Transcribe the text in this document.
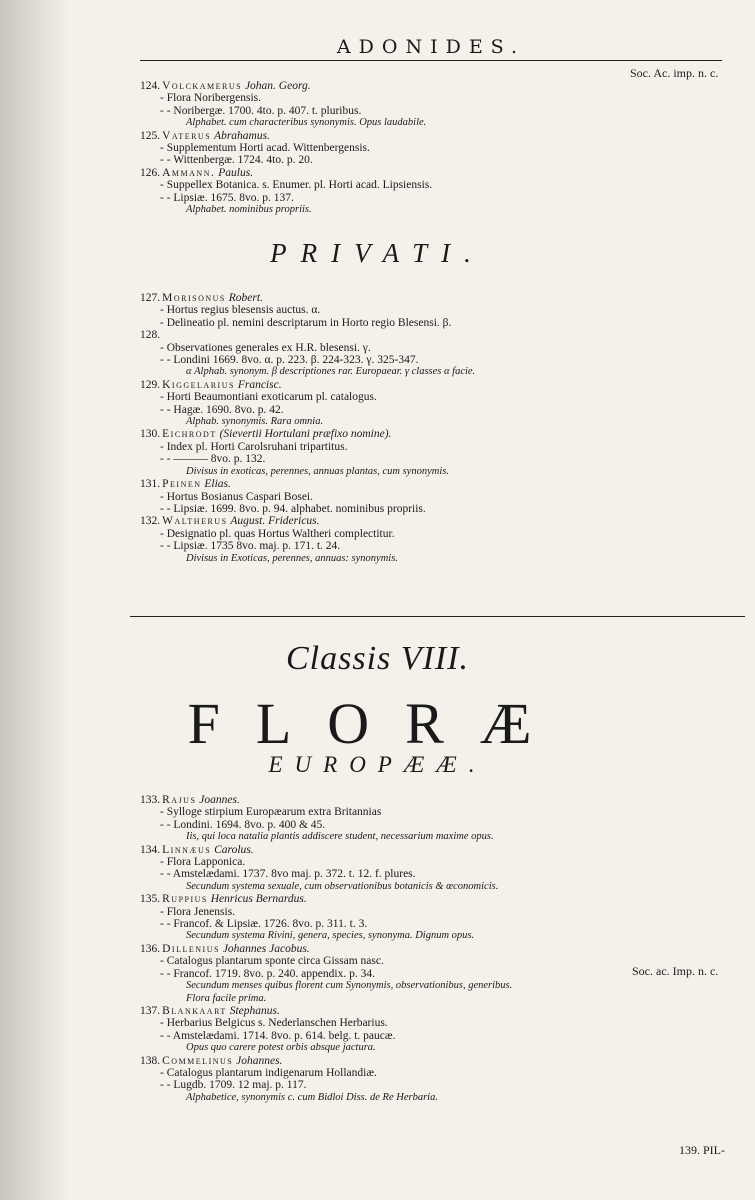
ADONIDES.
Soc. Ac. imp. n. c.
124. Volckamerus Johan. Georg.
- Flora Noribergensis.
- - Noribergæ. 1700. 4to. p. 407. t. pluribus.
Alphabet. cum characteribus synonymis. Opus laudabile.
125. Vaterus Abrahamus.
- Supplementum Horti acad. Wittenbergensis.
- - Wittenbergæ. 1724. 4to. p. 20.
126. Ammann. Paulus.
- Suppellex Botanica. s. Enumer. pl. Horti acad. Lipsiensis.
- - Lipsiæ. 1675. 8vo. p. 137.
Alphabet. nominibus propriis.
PRIVATI.
127. Morisonus Robert.
- Hortus regius blesensis auctus. α.
- Delineatio pl. nemini descriptarum in Horto regio Blesensi. β.
128.
- Observationes generales ex H.R. blesensi. γ.
- - Londini 1669. 8vo. α. p. 223. β. 224-323. γ. 325-347.
α Alphab. synonym. β descriptiones rar. Europaear. γ classes α facie.
129. Kiggelarius Francisc.
- Horti Beaumontiani exoticarum pl. catalogus.
- - Hagæ. 1690. 8vo. p. 42.
Alphab. synonymis. Rara omnia.
130. Eichrodt (Sievertii Hortulani præfixo nomine).
- Index pl. Horti Carolsruhani tripartitus.
- - ——— 8vo. p. 132.
Divisus in exoticas, perennes, annuas plantas, cum synonymis.
131. Peinen Elias.
- Hortus Bosianus Caspari Bosei.
- - Lipsiæ. 1699. 8vo. p. 94. alphabet. nominibus propriis.
132. Waltherus August. Fridericus.
- Designatio pl. quas Hortus Waltheri complectitur.
- - Lipsiæ. 1735 8vo. maj. p. 171. t. 24.
Divisus in Exoticas, perennes, annuas: synonymis.
Classis VIII.
FLORÆ
EUROPÆÆ.
133. Rajus Joannes.
- Sylloge stirpium Europæarum extra Britannias
- - Londini. 1694. 8vo. p. 400 & 45.
Iis, qui loca natalia plantis addiscere student, necessarium maxime opus.
134. Linnæus Carolus.
- Flora Lapponica.
- - Amstelædami. 1737. 8vo maj. p. 372. t. 12. f. plures.
Secundum systema sexuale, cum observationibus botanicis & œconomicis.
135. Ruppius Henricus Bernardus.
- Flora Jenensis.
- - Francof. & Lipsiæ. 1726. 8vo. p. 311. t. 3.
Secundum systema Rivini, genera, species, synonyma. Dignum opus.
136. Dillenius Johannes Jacobus.
- Catalogus plantarum sponte circa Gissam nasc.
- - Francof. 1719. 8vo. p. 240. appendix. p. 34.
Secundum menses quibus florent cum Synonymis, observationibus, generibus.
Flora facile prima.
137. Blankaart Stephanus.
- Herbarius Belgicus s. Nederlanschen Herbarius.
- - Amstelædami. 1714. 8vo. p. 614. belg. t. paucæ.
Opus quo carere potest orbis absque jactura.
138. Commelinus Johannes.
- Catalogus plantarum indigenarum Hollandiæ.
- - Lugdb. 1709. 12 maj. p. 117.
Alphabetice, synonymis c. cum Bidloi Diss. de Re Herbaria.
Soc. ac. Imp. n. c.
139. PIL-
